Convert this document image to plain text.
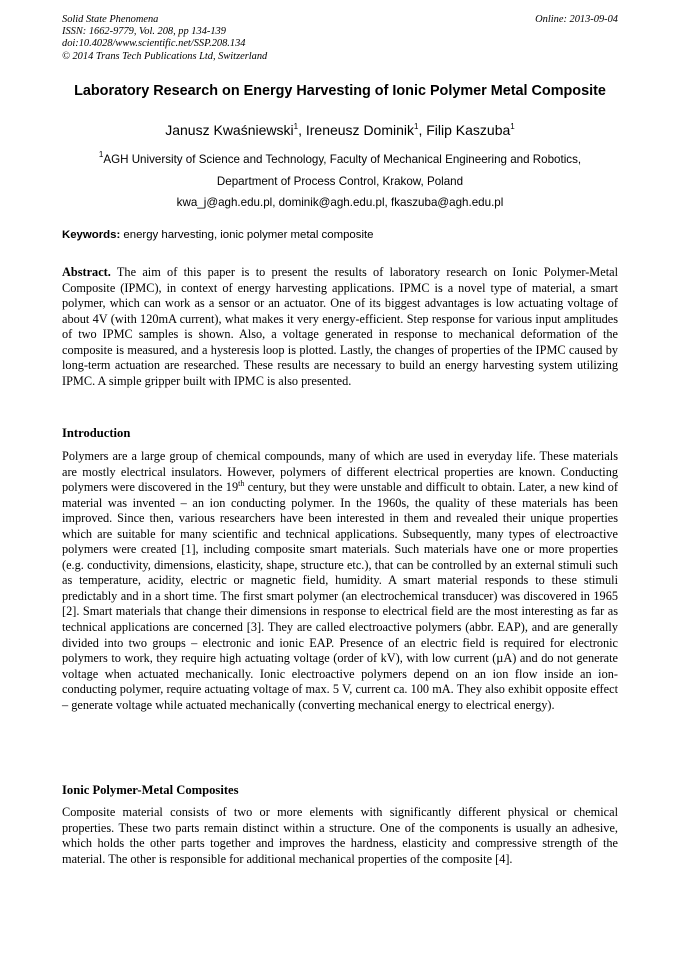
Solid State Phenomena
ISSN: 1662-9779, Vol. 208, pp 134-139
doi:10.4028/www.scientific.net/SSP.208.134
© 2014 Trans Tech Publications Ltd, Switzerland
Online: 2013-09-04
Laboratory Research on Energy Harvesting of Ionic Polymer Metal Composite
Janusz Kwaśniewski$^1$, Ireneusz Dominik$^1$, Filip Kaszuba$^1$
$^1$AGH University of Science and Technology, Faculty of Mechanical Engineering and Robotics,
Department of Process Control, Krakow, Poland
kwa_j@agh.edu.pl, dominik@agh.edu.pl, fkaszuba@agh.edu.pl
Keywords: energy harvesting, ionic polymer metal composite

Abstract. The aim of this paper is to present the results of laboratory research on Ionic Polymer-Metal Composite (IPMC), in context of energy harvesting applications. IPMC is a novel type of material, a smart polymer, which can work as a sensor or an actuator. One of its biggest advantages is low actuating voltage of about 4V (with 120mA current), what makes it very energy-efficient. Step response for various input amplitudes of two IPMC samples is shown. Also, a voltage generated in response to mechanical deformation of the composite is measured, and a hysteresis loop is plotted. Lastly, the changes of properties of the IPMC caused by long-term actuation are researched. These results are necessary to build an energy harvesting system utilizing IPMC. A simple gripper built with IPMC is also presented.

Introduction

Polymers are a large group of chemical compounds, many of which are used in everyday life. These materials are mostly electrical insulators. However, polymers of different electrical properties are known. Conducting polymers were discovered in the 19th century, but they were unstable and difficult to obtain. Later, a new kind of material was invented – an ion conducting polymer. In the 1960s, the quality of these materials has been improved. Since then, various researchers have been interested in them and revealed their unique properties which are suitable for many scientific and technical applications. Subsequently, many types of electroactive polymers were created [1], including composite smart materials. Such materials have one or more properties (e.g. conductivity, dimensions, elasticity, shape, structure etc.), that can be controlled by an external stimuli such as temperature, acidity, electric or magnetic field, humidity. A smart material responds to these stimuli predictably and in a short time. The first smart polymer (an electrochemical transducer) was discovered in 1965 [2]. Smart materials that change their dimensions in response to electrical field are the most interesting as far as technical applications are concerned [3]. They are called electroactive polymers (abbr. EAP), and are generally divided into two groups – electronic and ionic EAP. Presence of an electric field is required for electronic polymers to work, they require high actuating voltage (order of kV), with low current (µA) and do not generate voltage when actuated mechanically. Ionic electroactive polymers depend on an ion flow inside an ion-conducting polymer, require actuating voltage of max. 5 V, current ca. 100 mA. They also exhibit opposite effect – generate voltage while actuated mechanically (converting mechanical energy to electrical energy).

Ionic Polymer-Metal Composites

Composite material consists of two or more elements with significantly different physical or chemical properties. These two parts remain distinct within a structure. One of the components is usually an adhesive, which holds the other parts together and improves the hardness, elasticity and compressive strength of the material. The other is responsible for additional mechanical properties of the composite [4].
